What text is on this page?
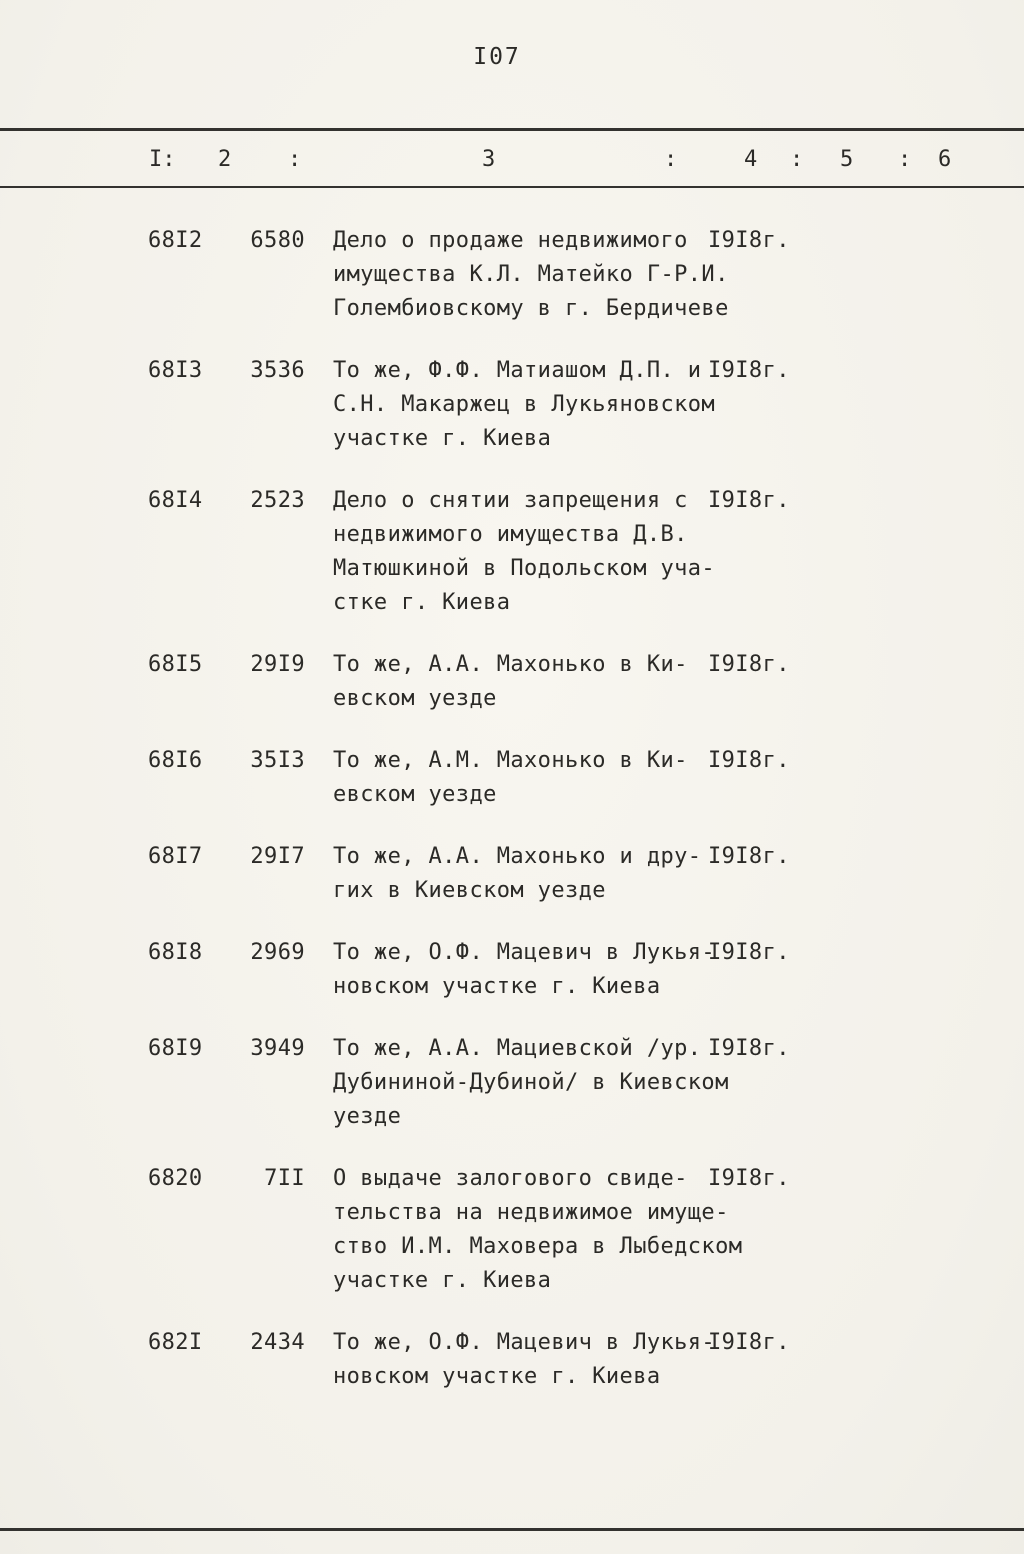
I07
I: 2	:	3	:	4 : 5 : 6
68I2	6580 Дело о продаже недвижимого
имущества К.Л. Матейко Г-Р.И.
Голембиовскому в г. Бердичеве
I9I8г.
68I3	3536 То же, Ф.Ф. Матиашом Д.П. и
С.Н. Макаржец в Лукьяновском
участке г. Киева
I9I8г.
68I4	2523 Дело о снятии запрещения с
недвижимого имущества Д.В.
Матюшкиной в Подольском уча-
стке г. Киева
I9I8г.
68I5	29I9 То же, А.А. Махонько в Ки-
евском уезде
I9I8г.
68I6	35I3 То же, А.М. Махонько в Ки-
евском уезде
I9I8г.
68I7	29I7 То же, А.А. Махонько и дру-
гих в Киевском уезде
I9I8г.
68I8	2969 То же, О.Ф. Мацевич в Лукья-
новском участке г. Киева
I9I8г.
68I9	3949 То же, А.А. Мациевской /ур.
Дубининой-Дубиной/ в Киевском
уезде
I9I8г.
6820	7II О выдаче залогового свиде-
тельства на недвижимое имуще-
ство И.М. Маховера в Лыбедском
участке г. Киева
I9I8г.
682I	2434 То же, О.Ф. Мацевич в Лукья-
новском участке г. Киева
I9I8г.
